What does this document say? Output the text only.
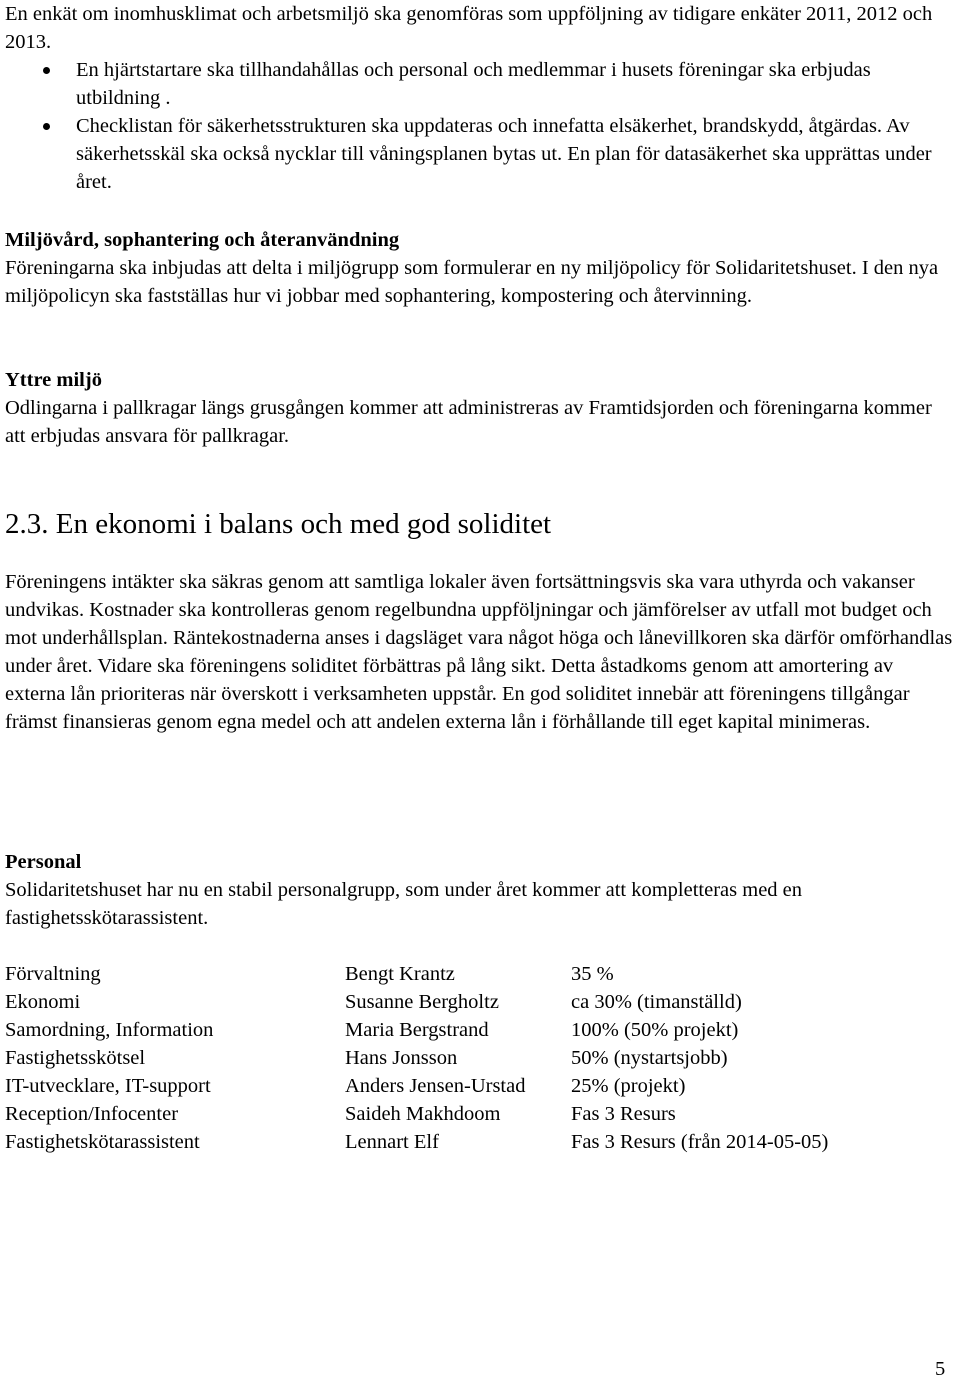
En enkät om inomhusklimat och arbetsmiljö ska genomföras som uppföljning av tidigare enkäter 2011, 2012 och 2013.

En hjärtstartare ska tillhandahållas och personal och medlemmar i husets föreningar ska erbjudas utbildning .
Checklistan för säkerhetsstrukturen ska uppdateras och innefatta elsäkerhet, brandskydd, åtgärdas. Av säkerhetsskäl ska också nycklar till våningsplanen bytas ut. En plan för datasäkerhet ska upprättas under året.

Miljövård, sophantering och återanvändning

Föreningarna ska inbjudas att delta i miljögrupp som formulerar en ny miljöpolicy för Solidaritetshuset. I den nya miljöpolicyn ska fastställas hur vi jobbar med sophantering, kompostering och återvinning.

Yttre miljö

Odlingarna i pallkragar längs grusgången kommer att administreras av Framtidsjorden och föreningarna kommer att erbjudas ansvara för pallkragar.

2.3. En ekonomi i balans och med god soliditet

Föreningens intäkter ska säkras genom att samtliga lokaler även fortsättningsvis ska vara uthyrda och vakanser undvikas. Kostnader ska kontrolleras genom regelbundna uppföljningar och jämförelser av utfall mot budget och mot underhållsplan. Räntekostnaderna anses i dagsläget vara något höga och lånevillkoren ska därför omförhandlas under året. Vidare ska föreningens soliditet förbättras på lång sikt. Detta åstadkoms genom att amortering av externa lån prioriteras när överskott i verksamheten uppstår. En god soliditet innebär att föreningens tillgångar främst finansieras genom egna medel och att andelen externa lån i förhållande till eget kapital minimeras.

Personal

Solidaritetshuset har nu en stabil personalgrupp, som under året kommer att kompletteras med en fastighetsskötarassistent.

Förvaltning	Bengt Krantz	35 %
Ekonomi	Susanne Bergholtz	ca 30% (timanställd)
Samordning, Information	Maria Bergstrand	100% (50% projekt)
Fastighetsskötsel	Hans Jonsson	50% (nystartsjobb)
IT-utvecklare, IT-support	Anders Jensen-Urstad	25% (projekt)
Reception/Infocenter	Saideh Makhdoom	Fas 3 Resurs
Fastighetskötarassistent	Lennart Elf	Fas 3 Resurs (från 2014-05-05)
5
